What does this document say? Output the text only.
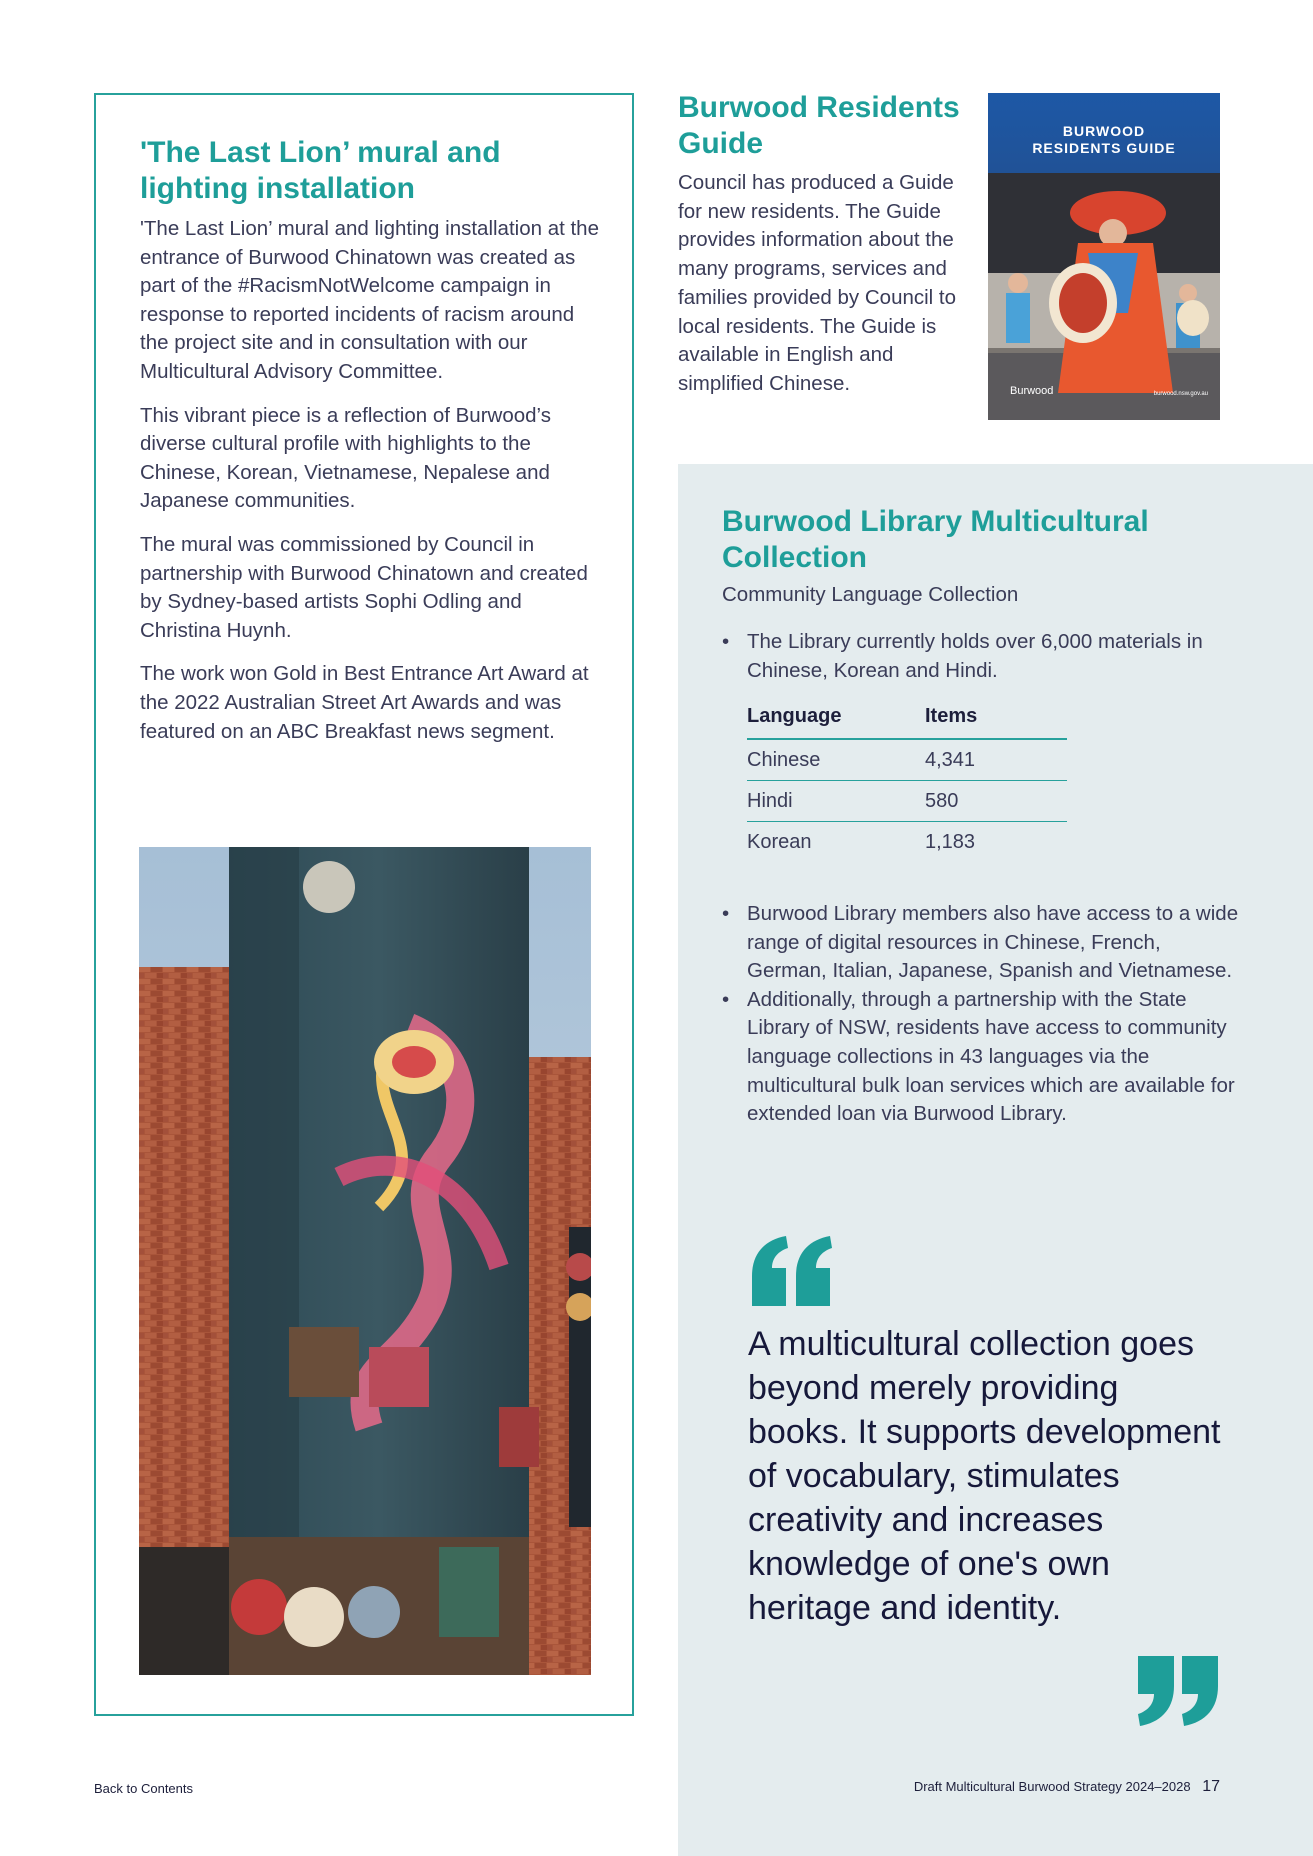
'The Last Lion’ mural and lighting installation

'The Last Lion’ mural and lighting installation at the entrance of Burwood Chinatown was created as part of the #RacismNotWelcome campaign in response to reported incidents of racism around the project site and in consultation with our Multicultural Advisory Committee.

This vibrant piece is a reflection of Burwood’s diverse cultural profile with highlights to the Chinese, Korean, Vietnamese, Nepalese and Japanese communities.

The mural was commissioned by Council in partnership with Burwood Chinatown and created by Sydney-based artists Sophi Odling and Christina Huynh.

The work won Gold in Best Entrance Art Award at the 2022 Australian Street Art Awards and was featured on an ABC Breakfast news segment.

Burwood Residents Guide

Council has produced a Guide for new residents. The Guide provides information about the many programs, services and families provided by Council to local residents. The Guide is available in English and simplified Chinese.

BURWOOD
RESIDENTS GUIDE
Burwood	burwood.nsw.gov.au
Burwood Library Multicultural Collection

Community Language Collection

• The Library currently holds over 6,000 materials in Chinese, Korean and Hindi.
Language	Items
Chinese	4,341
Hindi	580
Korean	1,183
• Burwood Library members also have access to a wide range of digital resources in Chinese, French, German, Italian, Japanese, Spanish and Vietnamese.
• Additionally, through a partnership with the State Library of NSW, residents have access to community language collections in 43 languages via the multicultural bulk loan services which are available for extended loan via Burwood Library.

A multicultural collection goes beyond merely providing books. It supports development of vocabulary, stimulates creativity and increases knowledge of one's own heritage and identity.

Back to Contents	Draft Multicultural Burwood Strategy 2024–2028 17
